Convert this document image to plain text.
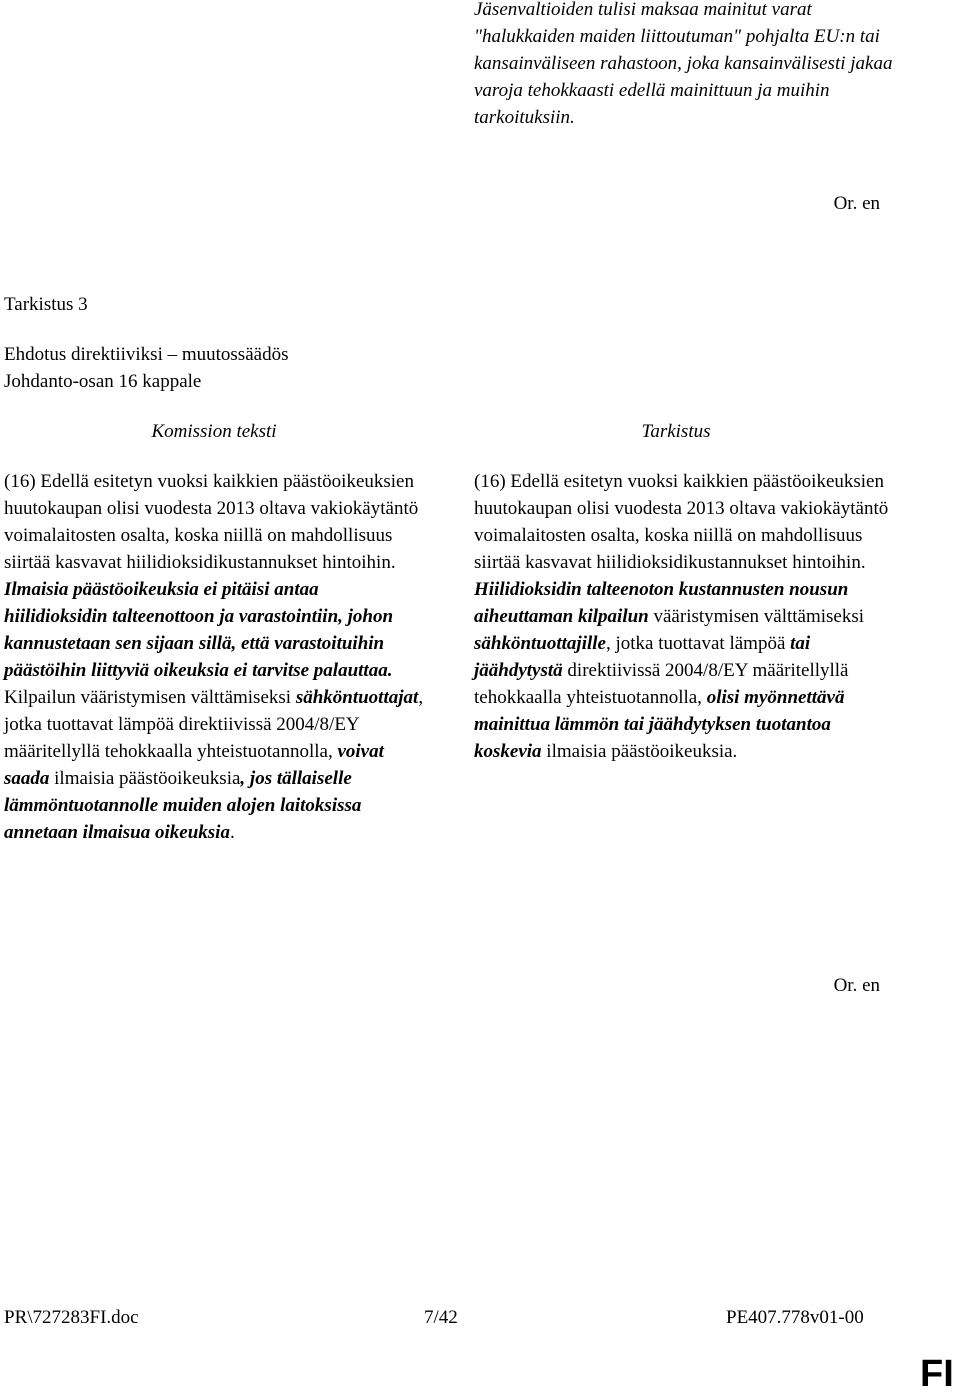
Jäsenvaltioiden tulisi maksaa mainitut varat "halukkaiden maiden liittoutuman" pohjalta EU:n tai kansainväliseen rahastoon, joka kansainvälisesti jakaa varoja tehokkaasti edellä mainittuun ja muihin tarkoituksiin.
Or. en
Tarkistus 3
Ehdotus direktiiviksi – muutossäädös
Johdanto-osan 16 kappale
Komission teksti	Tarkistus
(16) Edellä esitetyn vuoksi kaikkien päästöoikeuksien huutokaupan olisi vuodesta 2013 oltava vakiokäytäntö voimalaitosten osalta, koska niillä on mahdollisuus siirtää kasvavat hiilidioksidikustannukset hintoihin. Ilmaisia päästöoikeuksia ei pitäisi antaa hiilidioksidin talteenottoon ja varastointiin, johon kannustetaan sen sijaan sillä, että varastoituihin päästöihin liittyviä oikeuksia ei tarvitse palauttaa. Kilpailun vääristymisen välttämiseksi sähköntuottajat, jotka tuottavat lämpöä direktiivissä 2004/8/EY määritellyllä tehokkaalla yhteistuotannolla, voivat saada ilmaisia päästöoikeuksia, jos tällaiselle lämmöntuotannolle muiden alojen laitoksissa annetaan ilmaisua oikeuksia.
(16) Edellä esitetyn vuoksi kaikkien päästöoikeuksien huutokaupan olisi vuodesta 2013 oltava vakiokäytäntö voimalaitosten osalta, koska niillä on mahdollisuus siirtää kasvavat hiilidioksidikustannukset hintoihin. Hiilidioksidin talteenoton kustannusten nousun aiheuttaman kilpailun vääristymisen välttämiseksi sähköntuottajille, jotka tuottavat lämpöä tai jäähdytystä direktiivissä 2004/8/EY määritellyllä tehokkaalla yhteistuotannolla, olisi myönnettävä mainittua lämmön tai jäähdytyksen tuotantoa koskevia ilmaisia päästöoikeuksia.
Or. en
PR\727283FI.doc	7/42	PE407.778v01-00
FI
